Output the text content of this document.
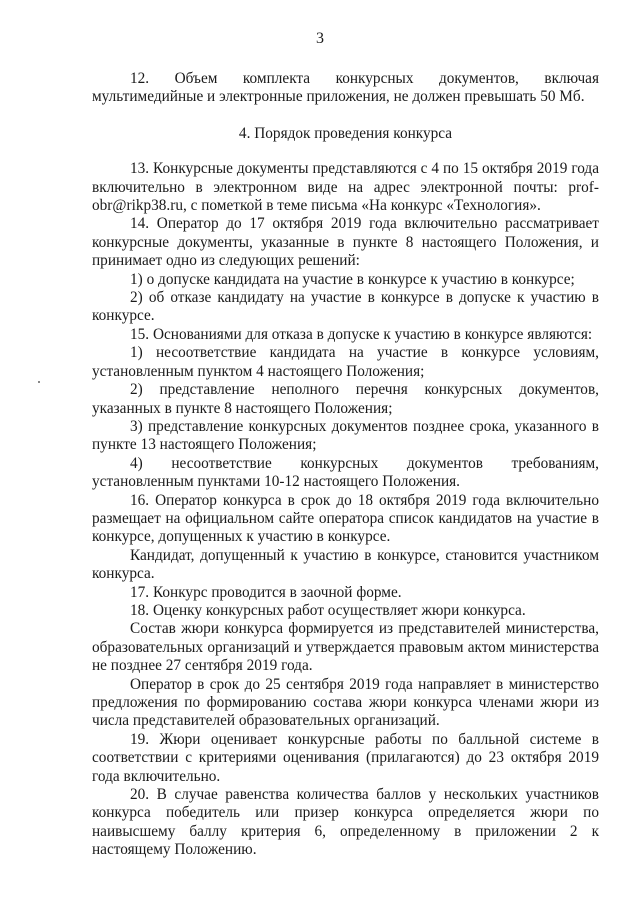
3

12. Объем комплекта конкурсных документов, включая мультимедийные и электронные приложения, не должен превышать 50 Мб.

4. Порядок проведения конкурса

13. Конкурсные документы представляются с 4 по 15 октября 2019 года включительно в электронном виде на адрес электронной почты: prof-obr@rikp38.ru, с пометкой в теме письма «На конкурс «Технология».

14. Оператор до 17 октября 2019 года включительно рассматривает конкурсные документы, указанные в пункте 8 настоящего Положения, и принимает одно из следующих решений:

1) о допуске кандидата на участие в конкурсе к участию в конкурсе;

2) об отказе кандидату на участие в конкурсе в допуске к участию в конкурсе.

15. Основаниями для отказа в допуске к участию в конкурсе являются:

1) несоответствие кандидата на участие в конкурсе условиям, установленным пунктом 4 настоящего Положения;

2) представление неполного перечня конкурсных документов, указанных в пункте 8 настоящего Положения;

3) представление конкурсных документов позднее срока, указанного в пункте 13 настоящего Положения;

4) несоответствие конкурсных документов требованиям, установленным пунктами 10-12 настоящего Положения.

16. Оператор конкурса в срок до 18 октября 2019 года включительно размещает на официальном сайте оператора список кандидатов на участие в конкурсе, допущенных к участию в конкурсе.

Кандидат, допущенный к участию в конкурсе, становится участником конкурса.

17. Конкурс проводится в заочной форме.

18. Оценку конкурсных работ осуществляет жюри конкурса.

Состав жюри конкурса формируется из представителей министерства, образовательных организаций и утверждается правовым актом министерства не позднее 27 сентября 2019 года.

Оператор в срок до 25 сентября 2019 года направляет в министерство предложения по формированию состава жюри конкурса членами жюри из числа представителей образовательных организаций.

19. Жюри оценивает конкурсные работы по балльной системе в соответствии с критериями оценивания (прилагаются) до 23 октября 2019 года включительно.

20. В случае равенства количества баллов у нескольких участников конкурса победитель или призер конкурса определяется жюри по наивысшему баллу критерия 6, определенному в приложении 2 к настоящему Положению.
